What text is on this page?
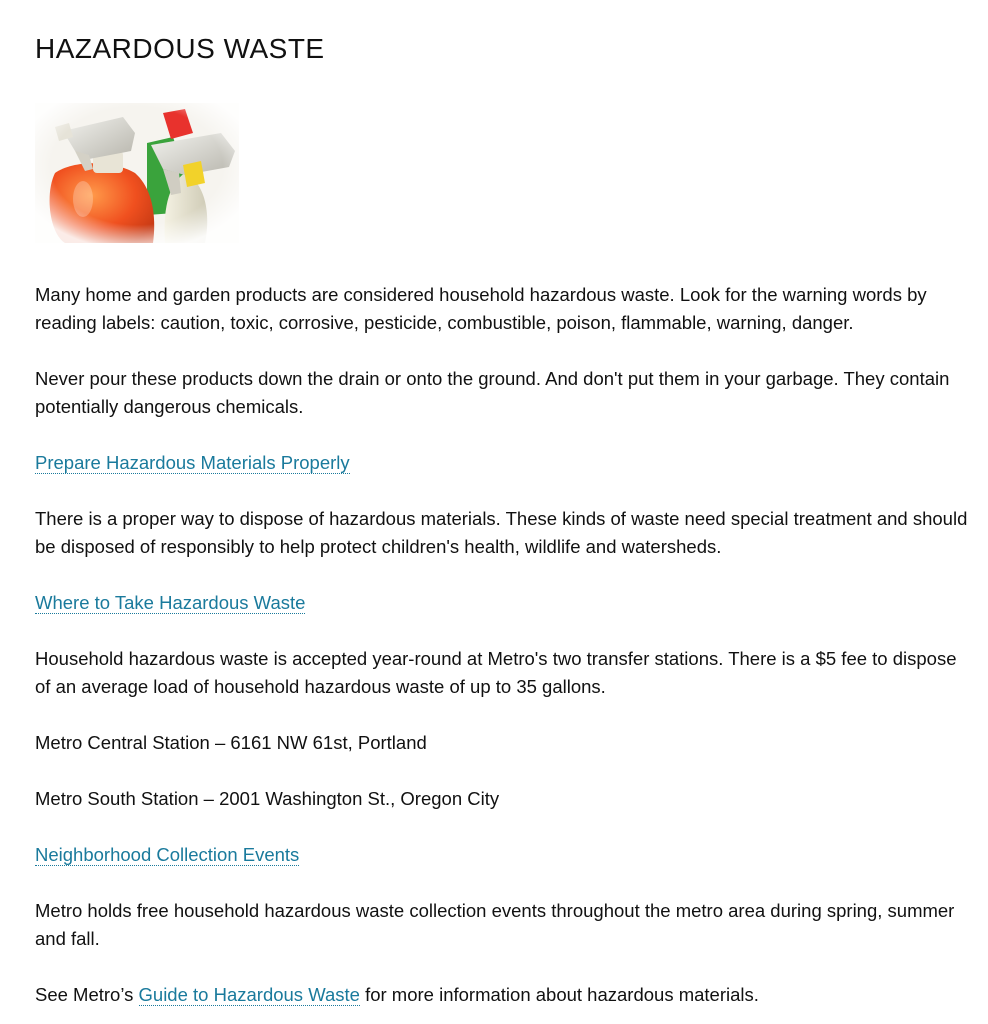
HAZARDOUS WASTE

Many home and garden products are considered household hazardous waste. Look for the warning words by reading labels: caution, toxic, corrosive, pesticide, combustible, poison, flammable, warning, danger.

Never pour these products down the drain or onto the ground. And don't put them in your garbage. They contain potentially dangerous chemicals.

Prepare Hazardous Materials Properly

There is a proper way to dispose of hazardous materials. These kinds of waste need special treatment and should be disposed of responsibly to help protect children's health, wildlife and watersheds.

Where to Take Hazardous Waste

Household hazardous waste is accepted year-round at Metro's two transfer stations. There is a $5 fee to dispose of an average load of household hazardous waste of up to 35 gallons.

Metro Central Station – 6161 NW 61st, Portland

Metro South Station – 2001 Washington St., Oregon City

Neighborhood Collection Events

Metro holds free household hazardous waste collection events throughout the metro area during spring, summer and fall.

See Metro’s Guide to Hazardous Waste for more information about hazardous materials.
